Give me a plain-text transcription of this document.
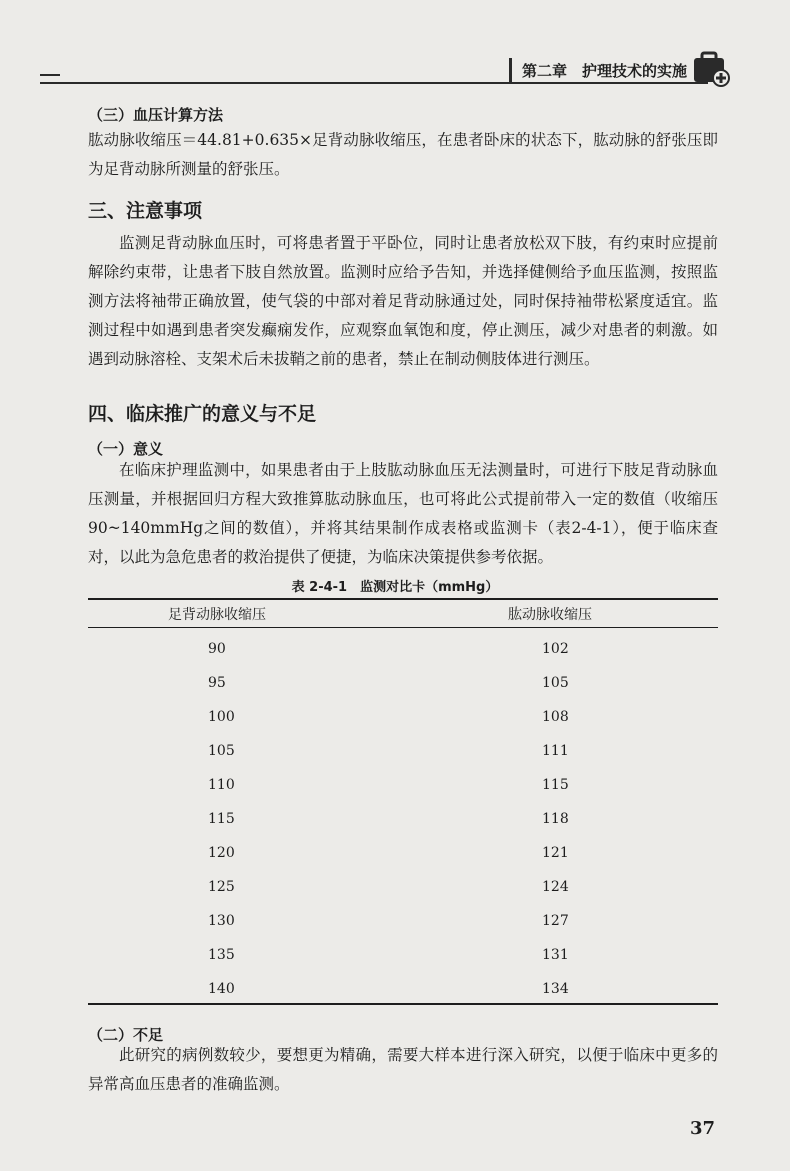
第二章　护理技术的实施
（三）血压计算方法
肱动脉收缩压＝44.81+0.635×足背动脉收缩压，在患者卧床的状态下，肱动脉的舒张压即为足背动脉所测量的舒张压。
三、注意事项
监测足背动脉血压时，可将患者置于平卧位，同时让患者放松双下肢，有约束时应提前解除约束带，让患者下肢自然放置。监测时应给予告知，并选择健侧给予血压监测，按照监测方法将袖带正确放置，使气袋的中部对着足背动脉通过处，同时保持袖带松紧度适宜。监测过程中如遇到患者突发癫痫发作，应观察血氧饱和度，停止测压，减少对患者的刺激。如遇到动脉溶栓、支架术后未拔鞘之前的患者，禁止在制动侧肢体进行测压。
四、临床推广的意义与不足
（一）意义
在临床护理监测中，如果患者由于上肢肱动脉血压无法测量时，可进行下肢足背动脉血压测量，并根据回归方程大致推算肱动脉血压，也可将此公式提前带入一定的数值（收缩压90~140mmHg之间的数值），并将其结果制作成表格或监测卡（表2-4-1），便于临床查对，以此为急危患者的救治提供了便捷，为临床决策提供参考依据。
表 2-4-1　监测对比卡（mmHg）
足背动脉收缩压	肱动脉收缩压
90	102
95	105
100	108
105	111
110	115
115	118
120	121
125	124
130	127
135	131
140	134
（二）不足
此研究的病例数较少，要想更为精确，需要大样本进行深入研究，以便于临床中更多的异常高血压患者的准确监测。
37
